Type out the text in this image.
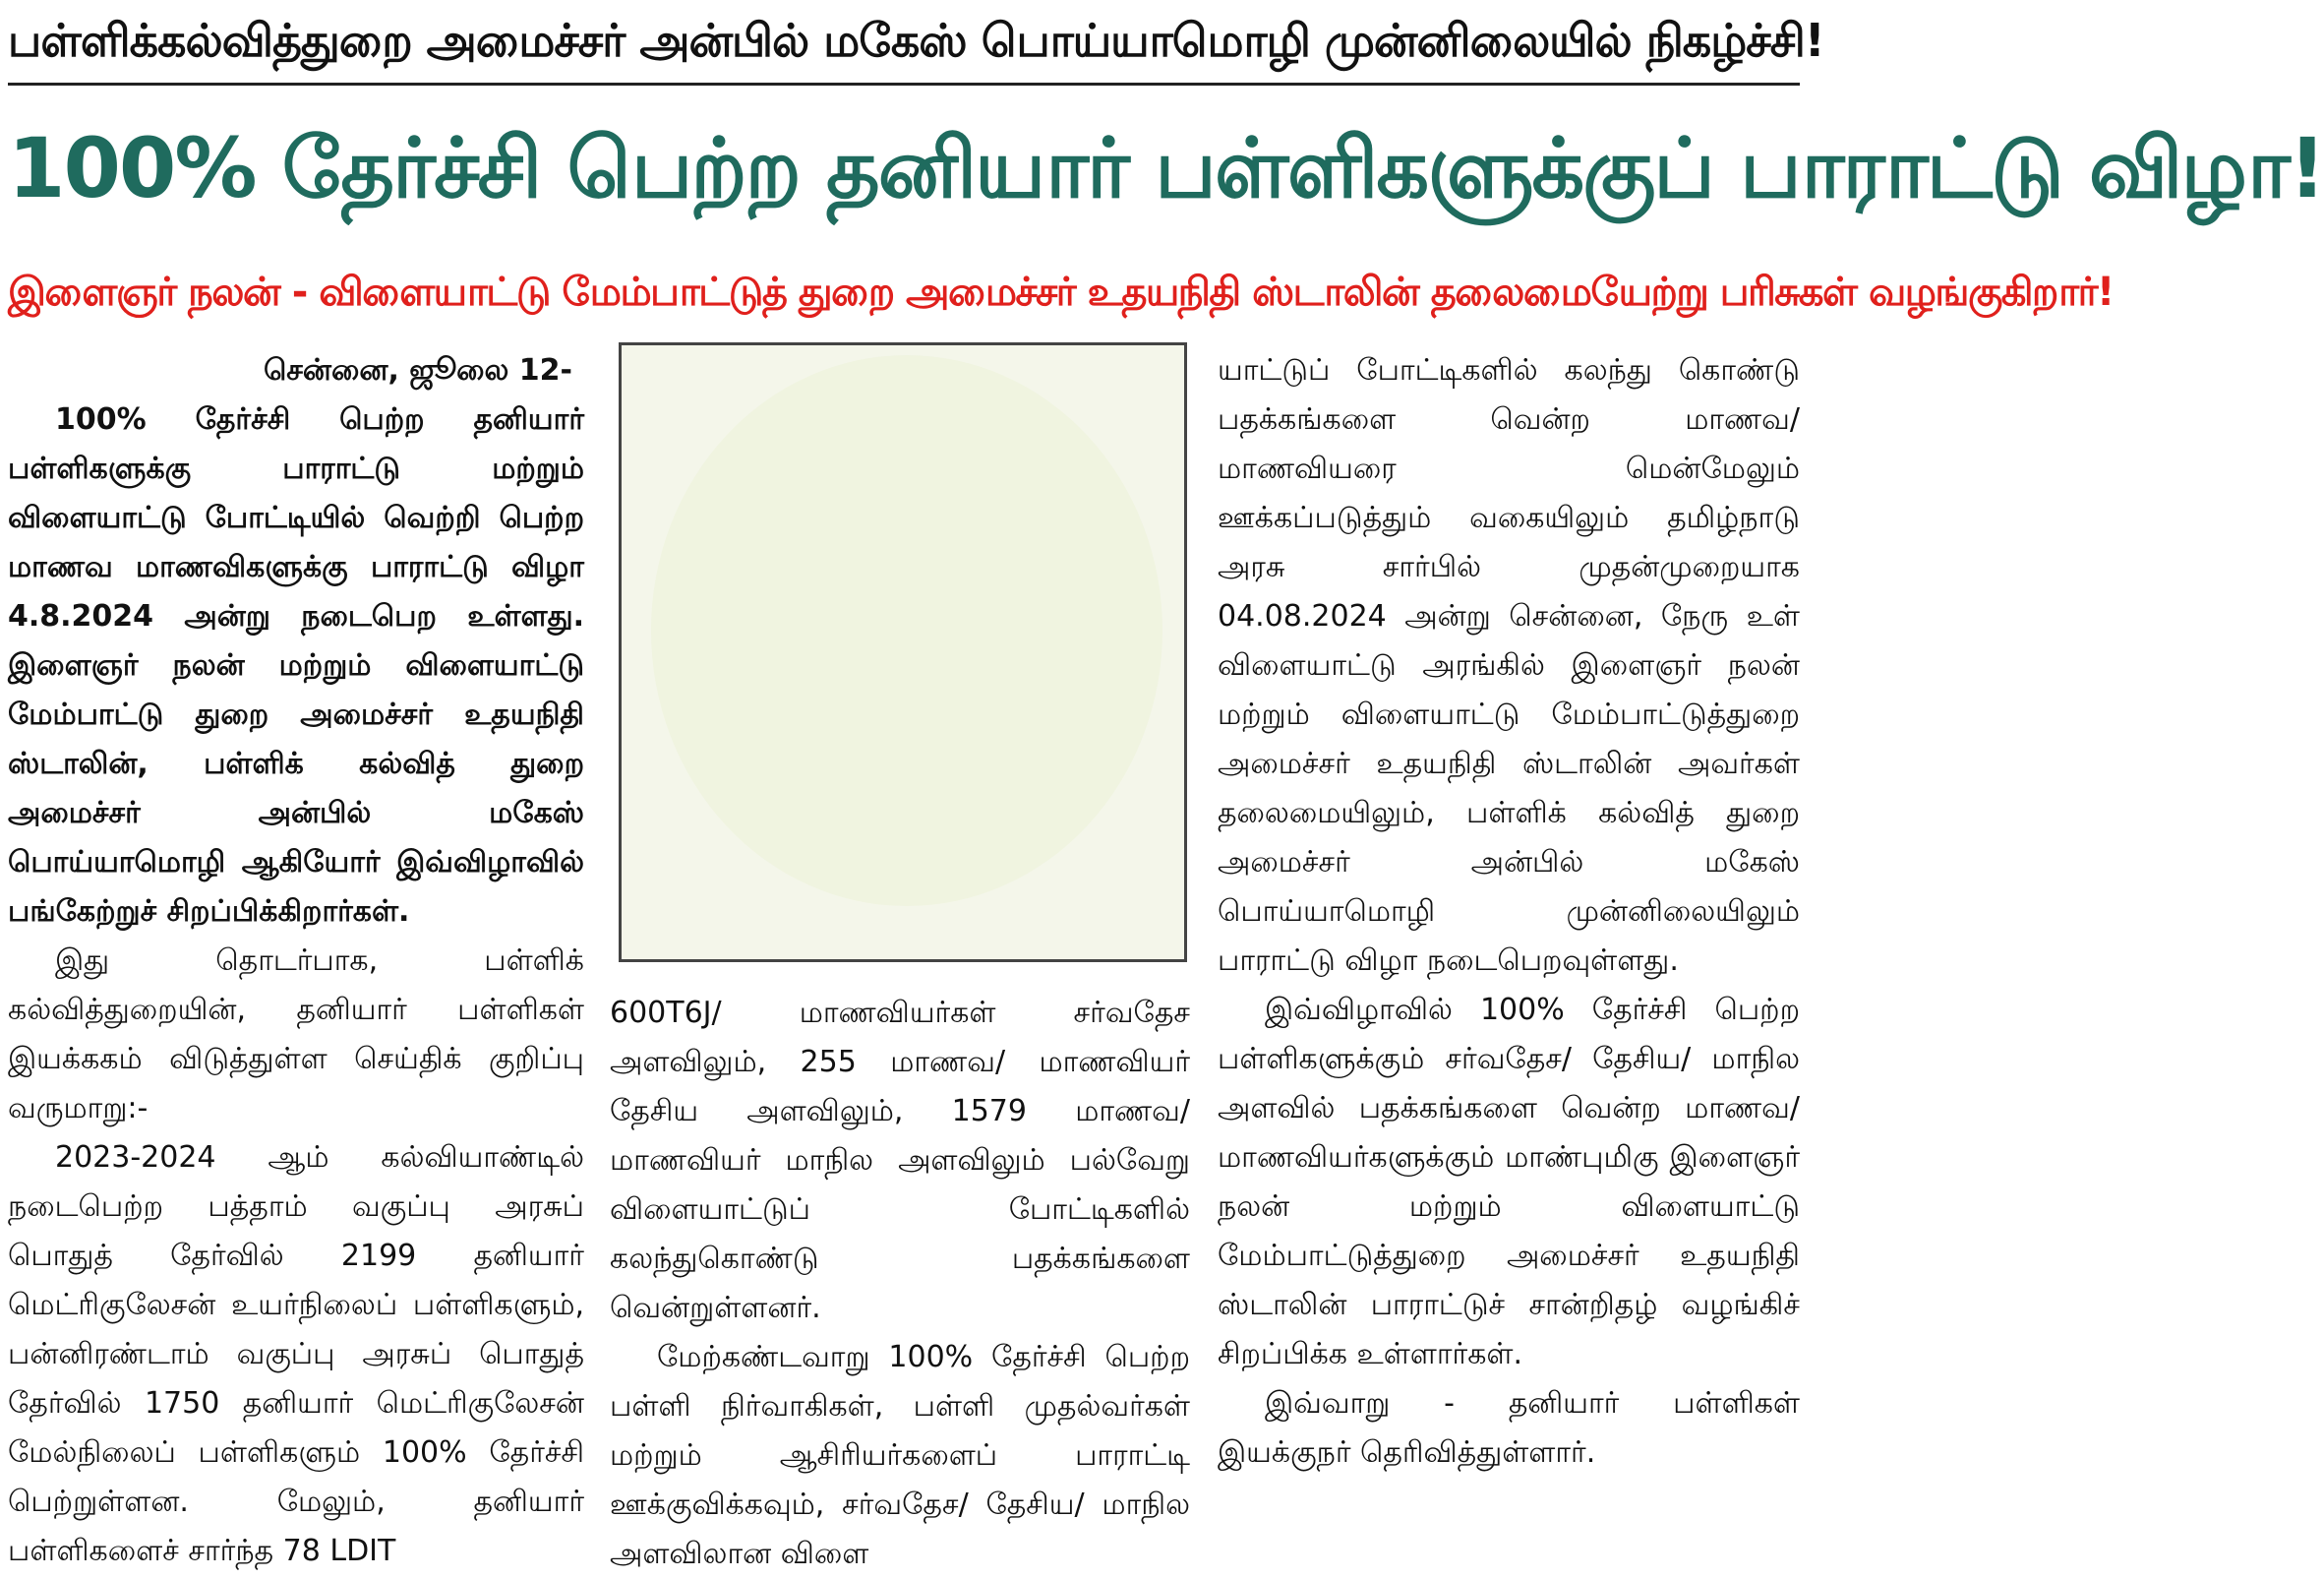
பள்ளிக்கல்வித்துறை அமைச்சர் அன்பில் மகேஸ் பொய்யாமொழி முன்னிலையில் நிகழ்ச்சி!
100% தேர்ச்சி பெற்ற தனியார் பள்ளிகளுக்குப் பாராட்டு விழா!
இளைஞர் நலன் - விளையாட்டு மேம்பாட்டுத் துறை அமைச்சர் உதயநிதி ஸ்டாலின் தலைமையேற்று பரிசுகள் வழங்குகிறார்!

சென்னை, ஜூலை 12-

100% தேர்ச்சி பெற்ற தனியார் பள்ளிகளுக்கு பாராட்டு மற்றும் விளையாட்டு போட்டியில் வெற்றி பெற்ற மாணவ மாணவிகளுக்கு பாராட்டு விழா 4.8.2024 அன்று நடைபெற உள்ளது. இளைஞர் நலன் மற்றும் விளையாட்டு மேம்பாட்டு துறை அமைச்சர் உதயநிதி ஸ்டாலின், பள்ளிக் கல்வித் துறை அமைச்சர் அன்பில் மகேஸ் பொய்யாமொழி ஆகியோர் இவ்விழாவில் பங்கேற்றுச் சிறப்பிக்கிறார்கள்.

இது தொடர்பாக, பள்ளிக் கல்வித்துறையின், தனியார் பள்ளிகள் இயக்ககம் விடுத்துள்ள செய்திக் குறிப்பு வருமாறு:-

2023-2024 ஆம் கல்வியாண்டில் நடைபெற்ற பத்தாம் வகுப்பு அரசுப் பொதுத் தேர்வில் 2199 தனியார் மெட்ரிகுலேசன் உயர்நிலைப் பள்ளிகளும், பன்னிரண்டாம் வகுப்பு அரசுப் பொதுத் தேர்வில் 1750 தனியார் மெட்ரிகுலேசன் மேல்நிலைப் பள்ளிகளும் 100% தேர்ச்சி பெற்றுள்ளன. மேலும், தனியார் பள்ளிகளைச் சார்ந்த 78 LDIT

600T6J/ மாணவியர்கள் சர்வதேச அளவிலும், 255 மாணவ/ மாணவியர் தேசிய அளவிலும், 1579 மாணவ/ மாணவியர் மாநில அளவிலும் பல்வேறு விளையாட்டுப் போட்டிகளில் கலந்துகொண்டு பதக்கங்களை வென்றுள்ளனர்.

மேற்கண்டவாறு 100% தேர்ச்சி பெற்ற பள்ளி நிர்வாகிகள், பள்ளி முதல்வர்கள் மற்றும் ஆசிரியர்களைப் பாராட்டி ஊக்குவிக்கவும், சர்வதேச/ தேசிய/ மாநில அளவிலான விளை

யாட்டுப் போட்டிகளில் கலந்து கொண்டு பதக்கங்களை வென்ற மாணவ/மாணவியரை மென்மேலும் ஊக்கப்படுத்தும் வகையிலும் தமிழ்நாடு அரசு சார்பில் முதன்முறையாக 04.08.2024 அன்று சென்னை, நேரு உள் விளையாட்டு அரங்கில் இளைஞர் நலன் மற்றும் விளையாட்டு மேம்பாட்டுத்துறை அமைச்சர் உதயநிதி ஸ்டாலின் அவர்கள் தலைமையிலும், பள்ளிக் கல்வித் துறை அமைச்சர் அன்பில் மகேஸ் பொய்யாமொழி முன்னிலையிலும் பாராட்டு விழா நடைபெறவுள்ளது.

இவ்விழாவில் 100% தேர்ச்சி பெற்ற பள்ளிகளுக்கும் சர்வதேச/ தேசிய/ மாநில அளவில் பதக்கங்களை வென்ற மாணவ/ மாணவியர்களுக்கும் மாண்புமிகு இளைஞர் நலன் மற்றும் விளையாட்டு மேம்பாட்டுத்துறை அமைச்சர் உதயநிதி ஸ்டாலின் பாராட்டுச் சான்றிதழ் வழங்கிச் சிறப்பிக்க உள்ளார்கள்.

இவ்வாறு - தனியார் பள்ளிகள் இயக்குநர் தெரிவித்துள்ளார்.
